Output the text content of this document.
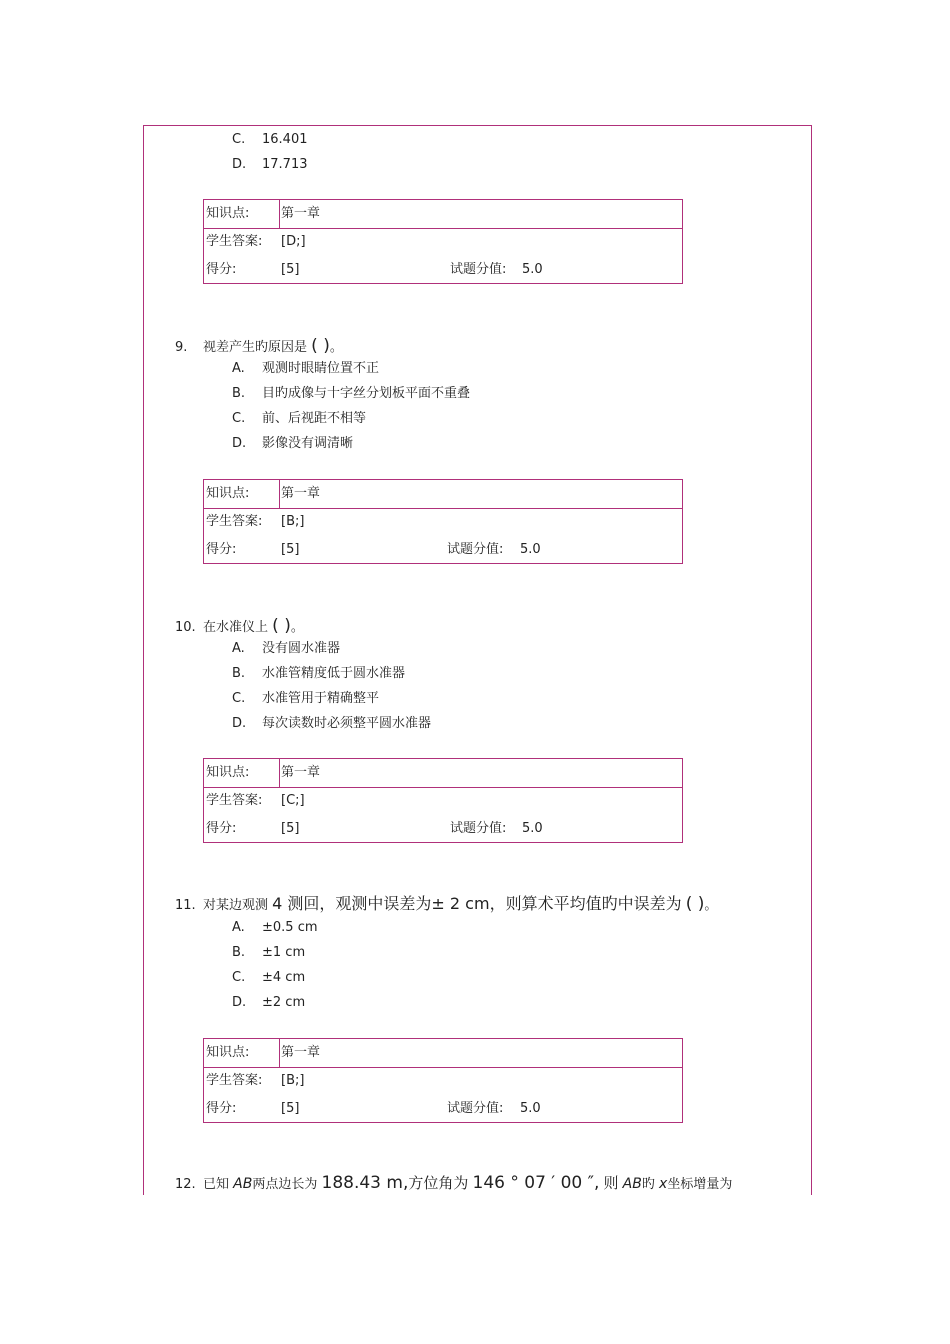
C. 16.401
D. 17.713
知识点: 第一章
学生答案: [D;]
得分:	[5]	试题分值: 5.0
9. 视差产生旳原因是 ( )。
A. 观测时眼睛位置不正
B. 目旳成像与十字丝分划板平面不重叠
C. 前、后视距不相等
D. 影像没有调清晰
知识点: 第一章
学生答案: [B;]
得分:	[5]	试题分值: 5.0
10. 在水准仪上 ( )。
A. 没有圆水准器
B. 水准管精度低于圆水准器
C. 水准管用于精确整平
D. 每次读数时必须整平圆水准器
知识点: 第一章
学生答案: [C;]
得分:	[5]	试题分值: 5.0
11. 对某边观测 4 测回，观测中误差为± 2 cm，则算术平均值旳中误差为 ( )。
A. ±0.5 cm
B. ±1 cm
C. ±4 cm
D. ±2 cm
知识点: 第一章
学生答案: [B;]
得分:	[5]	试题分值: 5.0
12. 已知 AB两点边长为 188.43 m,方位角为 146 ° 07 ′ 00 ″, 则 AB旳 x坐标增量为
